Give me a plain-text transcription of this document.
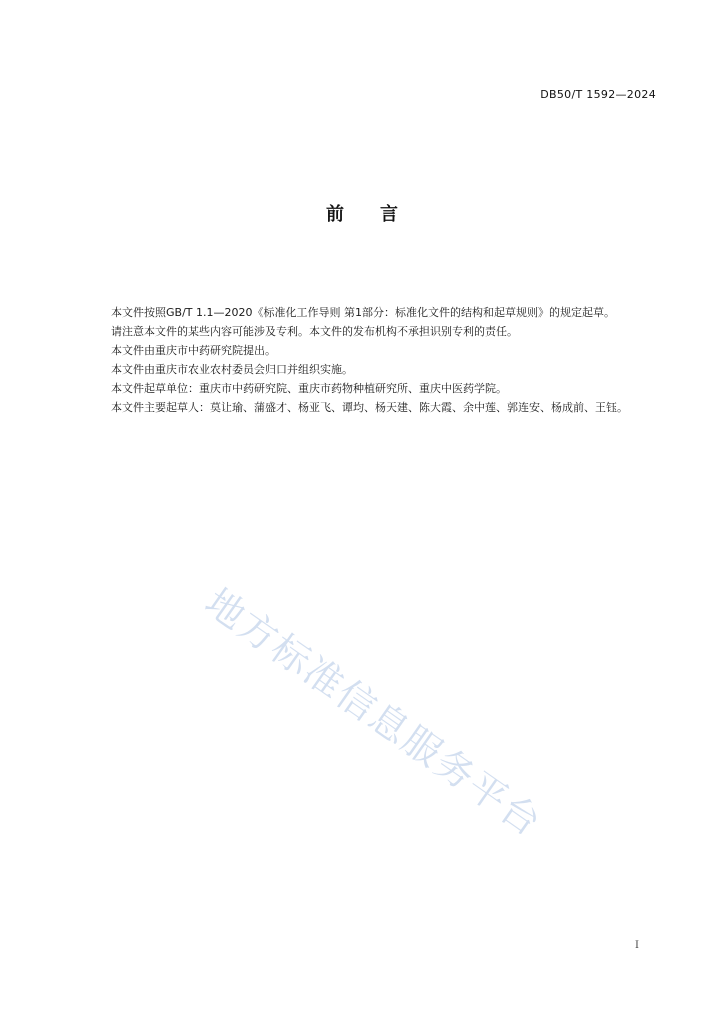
DB50/T 1592—2024
前 言

本文件按照GB/T 1.1—2020《标准化工作导则 第1部分：标准化文件的结构和起草规则》的规定起草。

请注意本文件的某些内容可能涉及专利。本文件的发布机构不承担识别专利的责任。

本文件由重庆市中药研究院提出。

本文件由重庆市农业农村委员会归口并组织实施。

本文件起草单位：重庆市中药研究院、重庆市药物种植研究所、重庆中医药学院。

本文件主要起草人：莫让瑜、蒲盛才、杨亚飞、谭均、杨天建、陈大霞、余中莲、郭连安、杨成前、王钰。

地方标准信息服务平台
I
